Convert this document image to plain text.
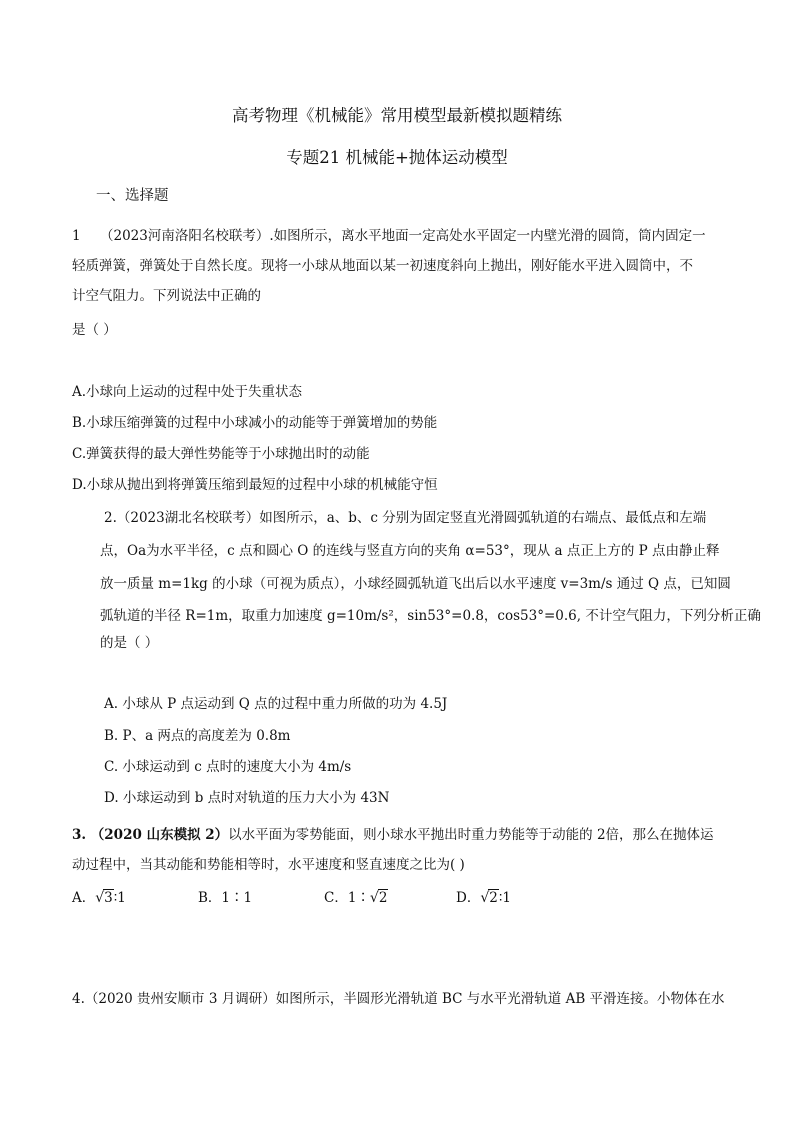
高考物理《机械能》常用模型最新模拟题精练
专题21 机械能+抛体运动模型
一、选择题
1 （2023河南洛阳名校联考）.如图所示，离水平地面一定高处水平固定一内壁光滑的圆筒，筒内固定一
轻质弹簧，弹簧处于自然长度。现将一小球从地面以某一初速度斜向上抛出，刚好能水平进入圆筒中，不
计空气阻力。下列说法中正确的
是（ ）
A.小球向上运动的过程中处于失重状态
B.小球压缩弹簧的过程中小球减小的动能等于弹簧增加的势能
C.弹簧获得的最大弹性势能等于小球抛出时的动能
D.小球从抛出到将弹簧压缩到最短的过程中小球的机械能守恒
2.（2023湖北名校联考）如图所示，a、b、c 分别为固定竖直光滑圆弧轨道的右端点、最低点和左端
点，Oa为水平半径，c 点和圆心 O 的连线与竖直方向的夹角 α=53°，现从 a 点正上方的 P 点由静止释
放一质量 m=1kg 的小球（可视为质点），小球经圆弧轨道飞出后以水平速度 v=3m/s 通过 Q 点，已知圆
弧轨道的半径 R=1m，取重力加速度 g=10m/s²，sin53°=0.8，cos53°=0.6, 不计空气阻力，下列分析正确
的是（ ）
A. 小球从 P 点运动到 Q 点的过程中重力所做的功为 4.5J
B. P、a 两点的高度差为 0.8m
C. 小球运动到 c 点时的速度大小为 4m/s
D. 小球运动到 b 点时对轨道的压力大小为 43N
3. （2020 山东模拟 2）以水平面为零势能面，则小球水平抛出时重力势能等于动能的 2倍，那么在抛体运
动过程中，当其动能和势能相等时，水平速度和竖直速度之比为( )
A．√3∶1	B．1∶1	C．1∶√2	D．√2∶1
4.（2020 贵州安顺市 3 月调研）如图所示，半圆形光滑轨道 BC 与水平光滑轨道 AB 平滑连接。小物体在水
